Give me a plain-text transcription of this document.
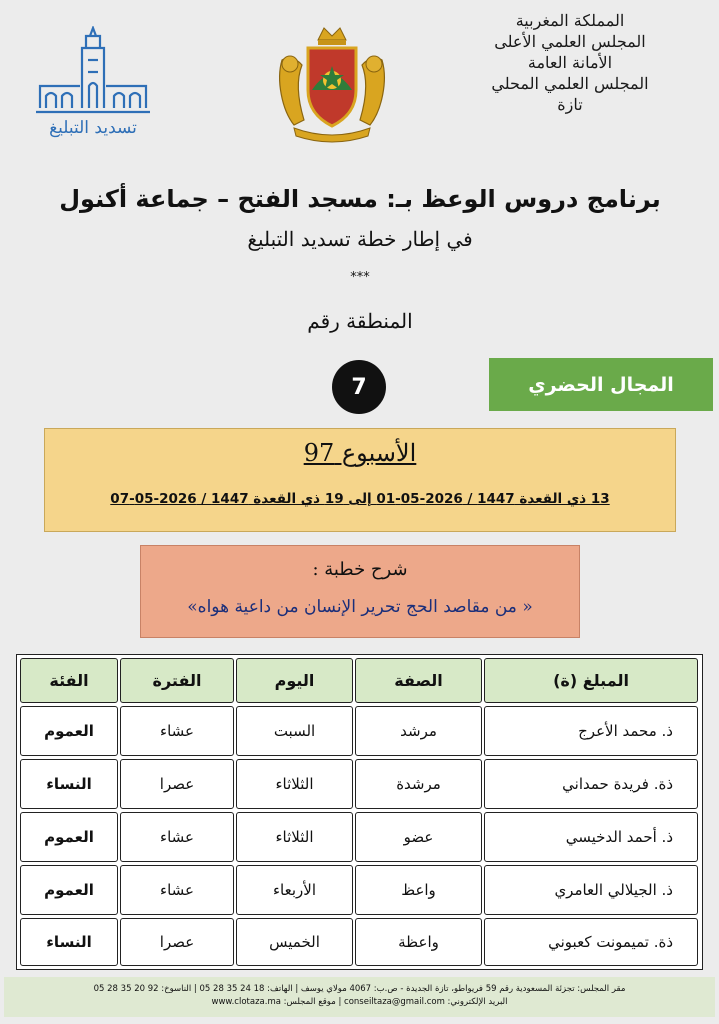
المملكة المغربية
المجلس العلمي الأعلى
الأمانة العامة
المجلس العلمي المحلي
تازة
تسديد التبليغ
برنامج دروس الوعظ بـ: مسجد الفتح – جماعة أكنول
في إطار خطة تسديد التبليغ
***
المنطقة رقم
7	المجال الحضري
الأسبوع 97
13 ذي القعدة 1447 / 2026-05-01 إلى 19 ذي القعدة 1447 / 2026-05-07
شرح خطبة :
« من مقاصد الحج تحرير الإنسان من داعية هواه»
المبلغ (ة)
الصفة
اليوم
الفترة
الفئة
ذ. محمد الأعرج
مرشد
السبت
عشاء
العموم
ذة. فريدة حمداني
مرشدة
الثلاثاء
عصرا
النساء
ذ. أحمد الدخيسي
عضو
الثلاثاء
عشاء
العموم
ذ. الجيلالي العامري
واعظ
الأربعاء
عشاء
العموم
ذة. تميمونت كعبوني
واعظة
الخميس
عصرا
النساء
مقر المجلس: تجزئة المسعودية رقم 59 فريواطو، تازة الجديدة - ص.ب: 4067 مولاي يوسف | الهاتف: 18 24 35 28 05 | الناسوخ: 92 20 35 28 05
البريد الإلكتروني: conseiltaza@gmail.com | موقع المجلس: www.clotaza.ma
